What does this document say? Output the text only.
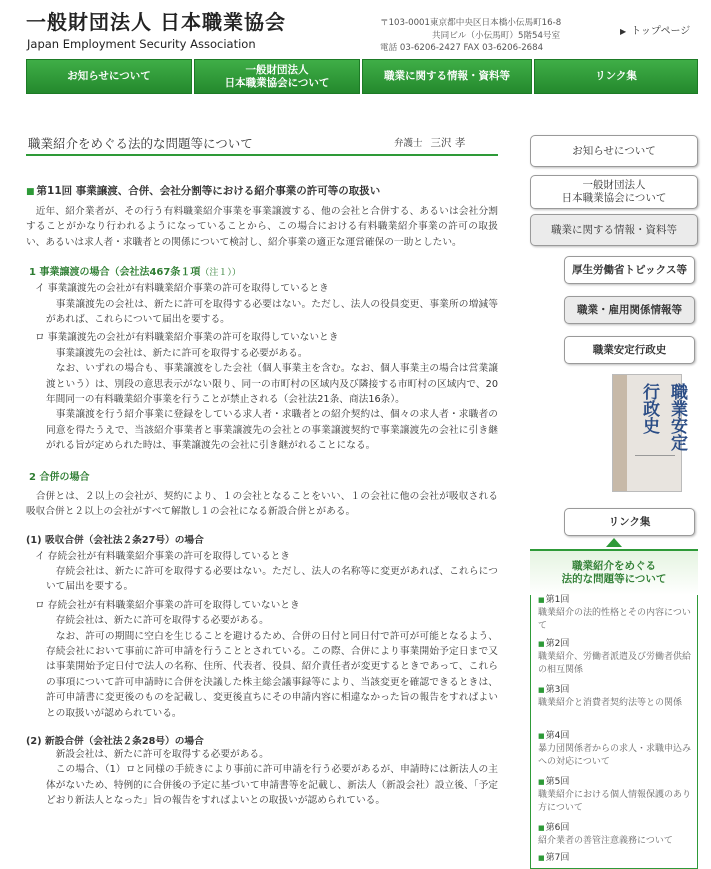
一般財団法人 日本職業協会
Japan Employment Security Association
〒103-0001東京都中央区日本橋小伝馬町16-8
共同ビル（小伝馬町）5階54号室
電話 03-6206-2427 FAX 03-6206-2684
▶ トップページ
お知らせについて
一般財団法人
日本職業協会について
職業に関する情報・資料等	リンク集
職業紹介をめぐる法的な問題等について	弁護士 三沢 孝
■ 第11回 事業譲渡、合併、会社分割等における紹介事業の許可等の取扱い

近年、紹介業者が、その行う有料職業紹介事業を事業譲渡する、他の会社と合併する、あるいは会社分割することがかなり行われるようになっていることから、この場合における有料職業紹介事業の許可の取扱い、あるいは求人者・求職者との関係について検討し、紹介事業の適正な運営確保の一助としたい。

1 事業譲渡の場合（会社法467条１項（注１））

イ 事業譲渡先の会社が有料職業紹介事業の許可を取得しているとき

事業譲渡先の会社は、新たに許可を取得する必要はない。ただし、法人の役員変更、事業所の増減等があれば、これらについて届出を要する。

ロ 事業譲渡先の会社が有料職業紹介事業の許可を取得していないとき

事業譲渡先の会社は、新たに許可を取得する必要がある。

なお、いずれの場合も、事業譲渡をした会社（個人事業主を含む。なお、個人事業主の場合は営業譲渡という）は、別段の意思表示がない限り、同一の市町村の区域内及び隣接する市町村の区域内で、20年間同一の有料職業紹介事業を行うことが禁止される（会社法21条、商法16条）。

事業譲渡を行う紹介事業に登録をしている求人者・求職者との紹介契約は、個々の求人者・求職者の同意を得たうえで、当該紹介事業者と事業譲渡先の会社との事業譲渡契約で事業譲渡先の会社に引き継がれる旨が定められた時は、事業譲渡先の会社に引き継がれることになる。

2 合併の場合

合併とは、２以上の会社が、契約により、１の会社となることをいい、１の会社に他の会社が吸収される吸収合併と２以上の会社がすべて解散し１の会社になる新設合併とがある。

(1) 吸収合併（会社法２条27号）の場合

イ 存続会社が有料職業紹介事業の許可を取得しているとき

存続会社は、新たに許可を取得する必要はない。ただし、法人の名称等に変更があれば、これらについて届出を要する。

ロ 存続会社が有料職業紹介事業の許可を取得していないとき

存続会社は、新たに許可を取得する必要がある。

なお、許可の期間に空白を生じることを避けるため、合併の日付と同日付で許可が可能となるよう、存続会社において事前に許可申請を行うこととされている。この際、合併により事業開始予定日まで又は事業開始予定日付で法人の名称、住所、代表者、役員、紹介責任者が変更するときであって、これらの事項について許可申請時に合併を決議した株主総会議事録等により、当該変更を確認できるときは、許可申請書に変更後のものを記載し、変更後直ちにその申請内容に相違なかった旨の報告をすればよいとの取扱いが認められている。

(2) 新設合併（会社法２条28号）の場合

新設会社は、新たに許可を取得する必要がある。

この場合、（1）ロと同様の手続きにより事前に許可申請を行う必要があるが、申請時には新法人の主体がないため、特例的に合併後の予定に基づいて申請書等を記載し、新法人（新設会社）設立後、「予定どおり新法人となった」旨の報告をすればよいとの取扱いが認められている。

お知らせについて
一般財団法人
日本職業協会について
職業に関する情報・資料等
厚生労働省トピックス等
職業・雇用関係情報等
職業安定行政史
職業安定
行政史
リンク集
職業紹介をめぐる
法的な問題等について
■第1回
職業紹介の法的性格とその内容について
■第2回
職業紹介、労働者派遣及び労働者供給の相互関係
■第3回
職業紹介と消費者契約法等との関係
■第4回
暴力団関係者からの求人・求職申込みへの対応について
■第5回
職業紹介における個人情報保護のあり方について
■第6回
紹介業者の善管注意義務について
■第7回
